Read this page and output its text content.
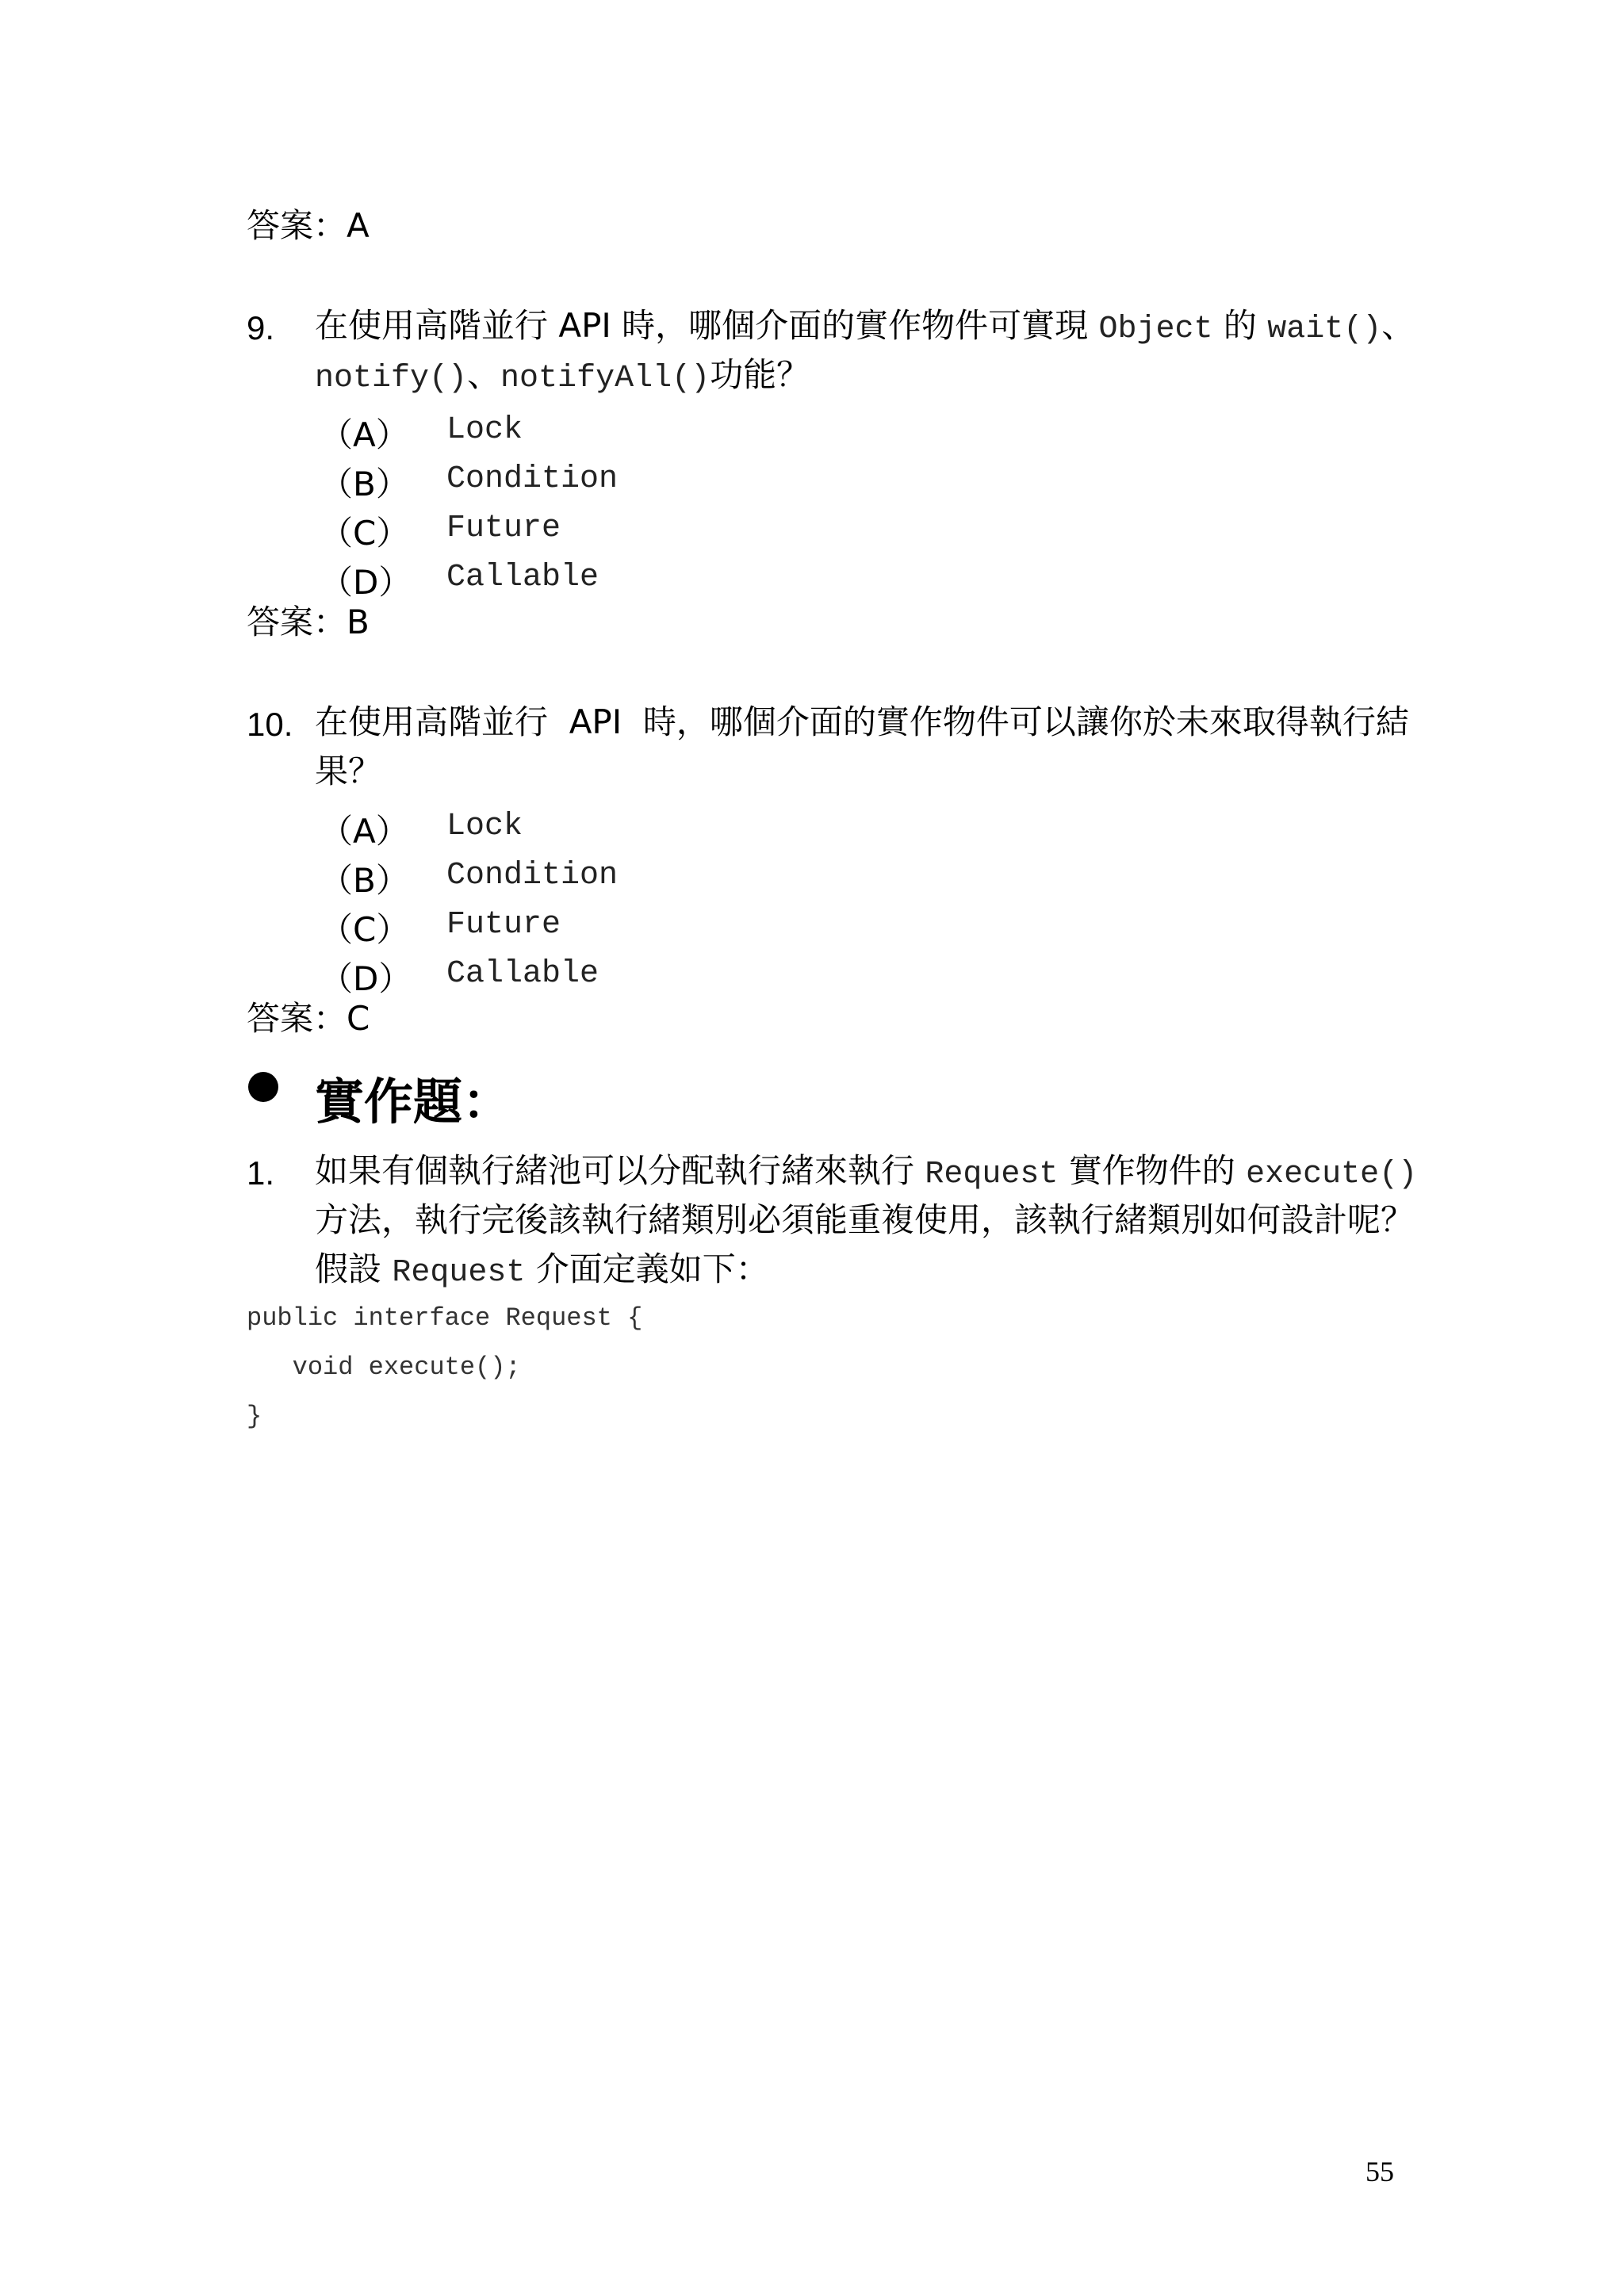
答案：A
9. 在使用高階並行 API 時，哪個介面的實作物件可實現 Object 的 wait()、
notify()、notifyAll()功能？
（A） Lock
（B） Condition
（C） Future
（D） Callable
答案：B
10. 在使用高階並行  API  時，哪個介面的實作物件可以讓你於未來取得執行結
果？
（A） Lock
（B） Condition
（C） Future
（D） Callable
答案：C
實作題：
1. 如果有個執行緒池可以分配執行緒來執行 Request 實作物件的 execute()
方法，執行完後該執行緒類別必須能重複使用，該執行緒類別如何設計呢？
假設 Request 介面定義如下：
public interface Request {
void execute();
}
55
